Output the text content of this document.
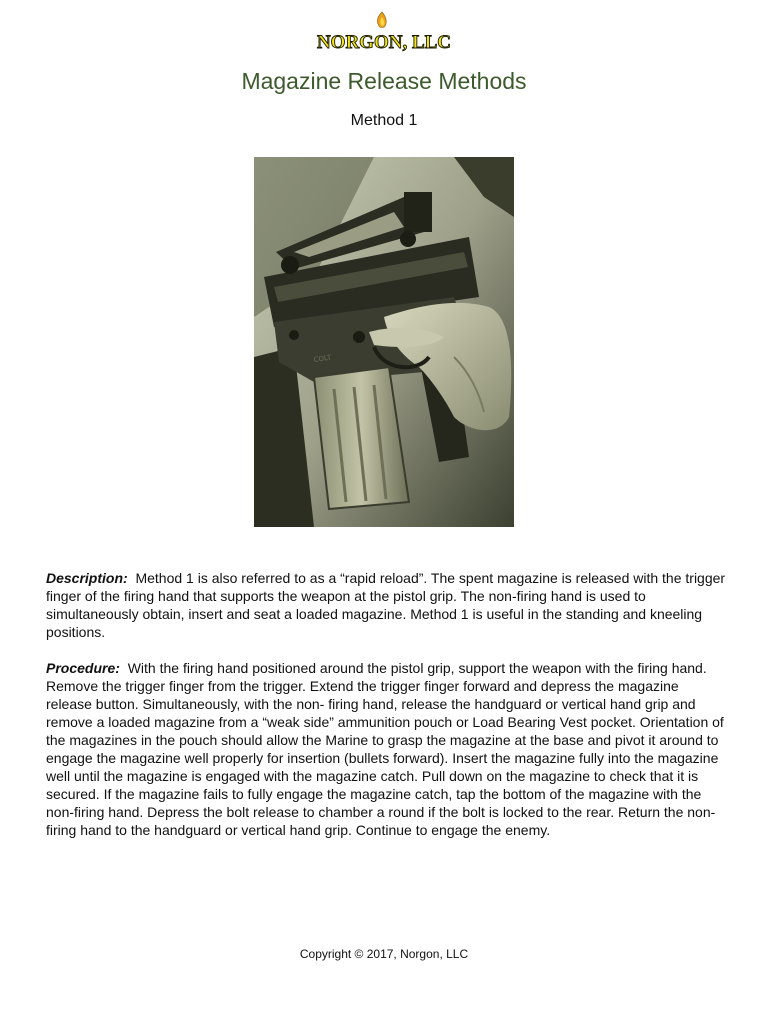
NORGON, LLC
Magazine Release Methods
Method 1
COLT

Description: Method 1 is also referred to as a “rapid reload”. The spent magazine is released with the trigger finger of the firing hand that supports the weapon at the pistol grip. The non-firing hand is used to simultaneously obtain, insert and seat a loaded magazine. Method 1 is useful in the standing and kneeling positions.

Procedure: With the firing hand positioned around the pistol grip, support the weapon with the firing hand. Remove the trigger finger from the trigger. Extend the trigger finger forward and depress the magazine release button. Simultaneously, with the non- firing hand, release the handguard or vertical hand grip and remove a loaded magazine from a “weak side” ammunition pouch or Load Bearing Vest pocket. Orientation of the magazines in the pouch should allow the Marine to grasp the magazine at the base and pivot it around to engage the magazine well properly for insertion (bullets forward). Insert the magazine fully into the magazine well until the magazine is engaged with the magazine catch. Pull down on the magazine to check that it is secured. If the magazine fails to fully engage the magazine catch, tap the bottom of the magazine with the non-firing hand. Depress the bolt release to chamber a round if the bolt is locked to the rear. Return the non-firing hand to the handguard or vertical hand grip. Continue to engage the enemy.

Copyright © 2017, Norgon, LLC
